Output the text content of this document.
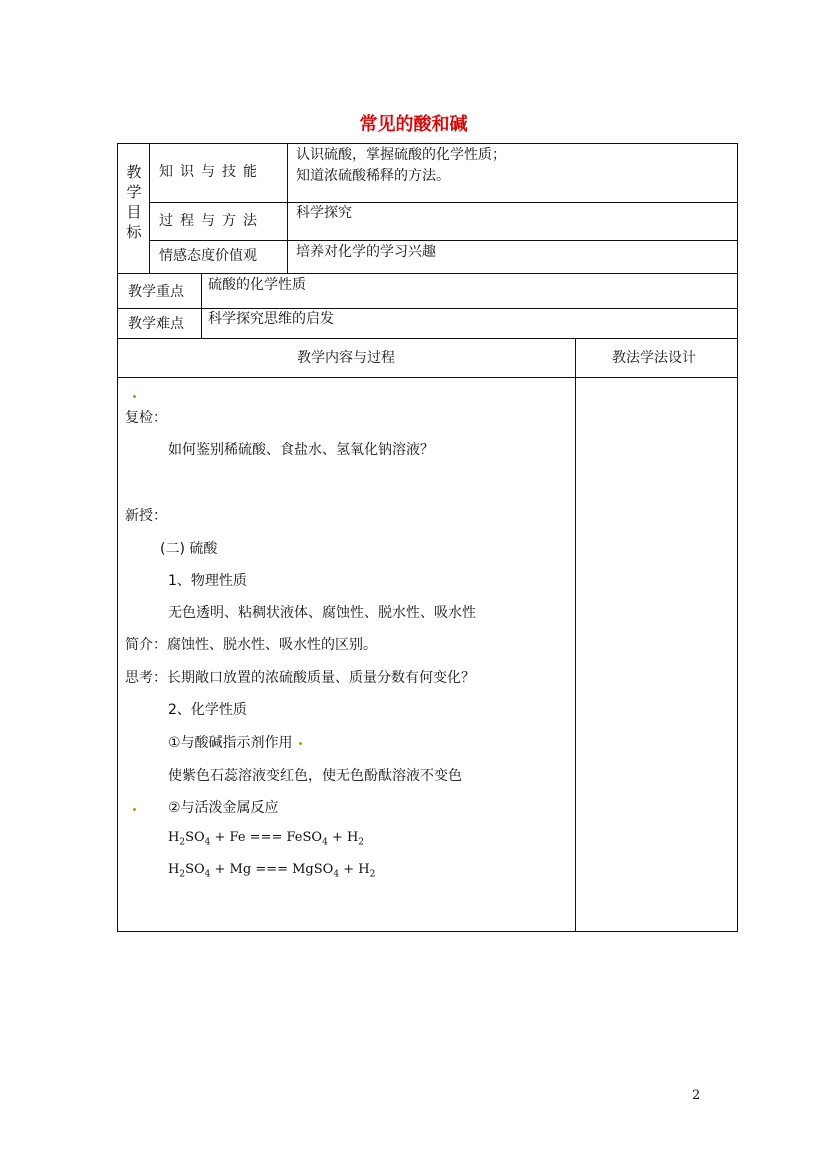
常见的酸和碱
教
学
目
标
知识与技能
认识硫酸，掌握硫酸的化学性质；
知道浓硫酸稀释的方法。
过程与方法 科学探究
情感态度价值观	培养对化学的学习兴趣
教学重点 硫酸的化学性质
教学难点 科学探究思维的启发
教学内容与过程	教法学法设计
复检：
如何鉴别稀硫酸、食盐水、氢氧化钠溶液？
新授：
(二) 硫酸
1、物理性质
无色透明、粘稠状液体、腐蚀性、脱水性、吸水性
简介：腐蚀性、脱水性、吸水性的区别。
思考：长期敞口放置的浓硫酸质量、质量分数有何变化？
2、化学性质
①与酸碱指示剂作用
使紫色石蕊溶液变红色，使无色酚酞溶液不变色
②与活泼金属反应
$H_2SO_4 + Fe$ === FeSO$_4$ + $H_2$
$H_2SO_4 + Mg$ === MgSO$_4$ + $H_2$
2
